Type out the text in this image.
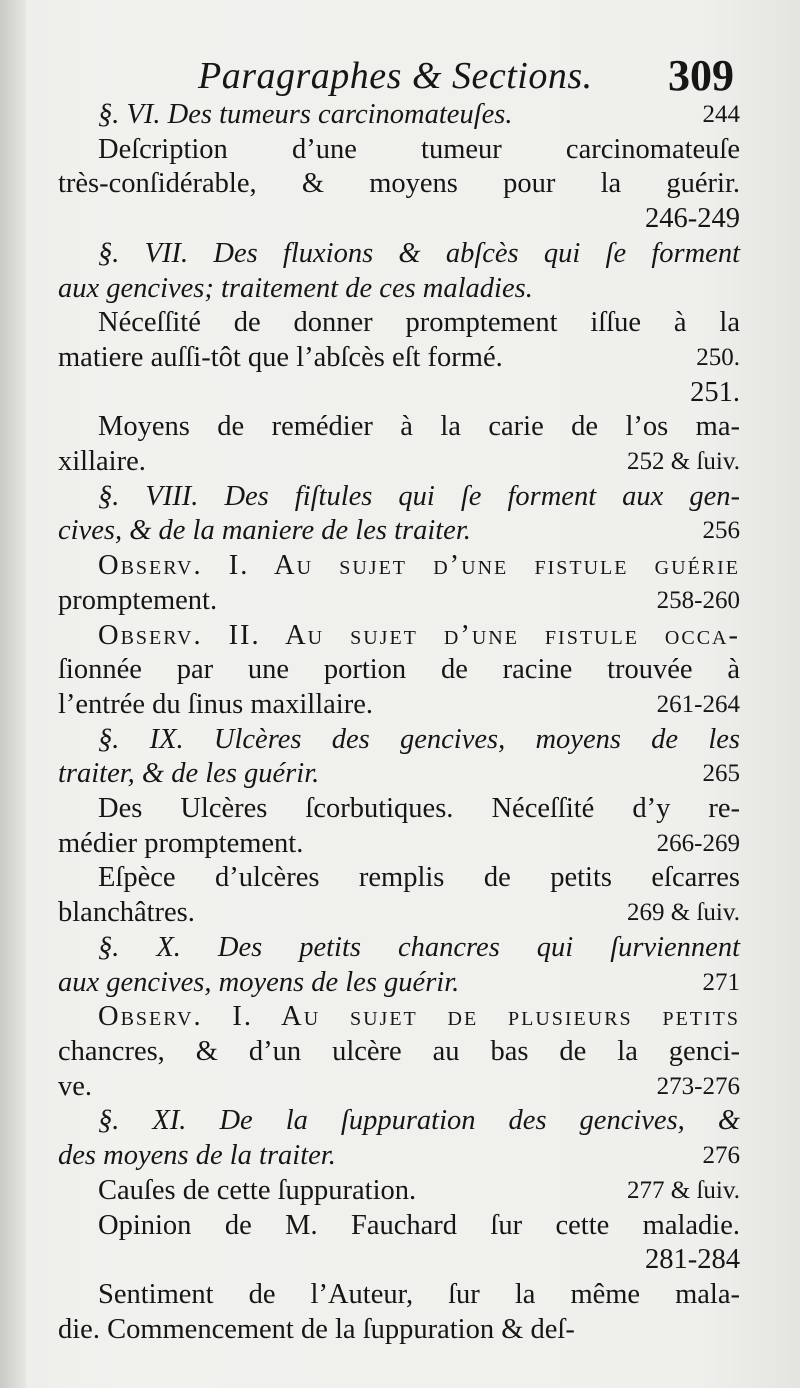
Paragraphes & Sections. 309
244
§. VI. Des tumeurs carcinomateuſes.
Deſcription d’une tumeur carcinomateuſe
très-conſidérable, & moyens pour la guérir.
246-249
§. VII. Des fluxions & abſcès qui ſe forment
aux gencives; traitement de ces maladies.
Néceſſité de donner promptement iſſue à la
250.
matiere auſſi-tôt que l’abſcès eſt formé.
251.
Moyens de remédier à la carie de l’os ma-
252 & ſuiv.
xillaire.
§. VIII. Des fiſtules qui ſe forment aux gen-
256
cives, & de la maniere de les traiter.
Observ. I. Au ſujet d’une fiſtule guérie
258-260
promptement.
Observ. II. Au ſujet d’une fiſtule occa-
ſionnée par une portion de racine trouvée à
261-264
l’entrée du ſinus maxillaire.
§. IX. Ulcères des gencives, moyens de les
265
traiter, & de les guérir.
Des Ulcères ſcorbutiques. Néceſſité d’y re-
266-269
médier promptement.
Eſpèce d’ulcères remplis de petits eſcarres
269 & ſuiv.
blanchâtres.
§. X. Des petits chancres qui ſurviennent
271
aux gencives, moyens de les guérir.
Observ. I. Au ſujet de pluſieurs petits
chancres, & d’un ulcère au bas de la genci-
273-276
ve.
§. XI. De la ſuppuration des gencives, &
276
des moyens de la traiter.
277 & ſuiv.
Cauſes de cette ſuppuration.
Opinion de M. Fauchard ſur cette maladie.
281-284
Sentiment de l’Auteur, ſur la même mala-
die. Commencement de la ſuppuration & deſ-
